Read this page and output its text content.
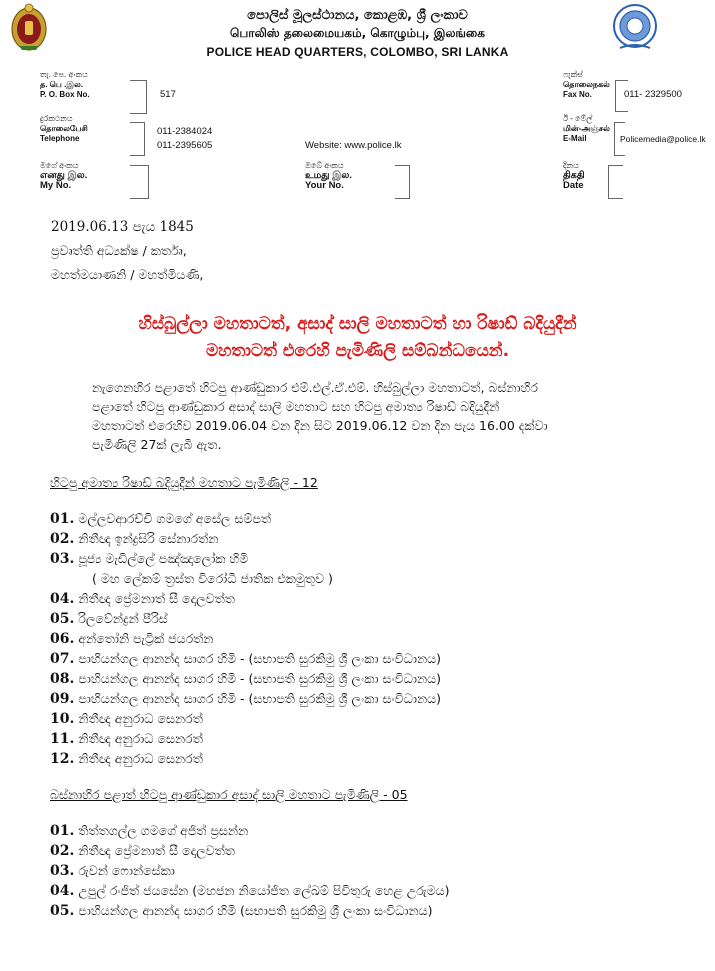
පොලිස් මූලස්ථානය, කොළඹ, ශ්‍රී ලංකාව
பொலிஸ் தலைமையகம், கொழும்பு, இலங்கை
POLICE HEAD QUARTERS, COLOMBO, SRI LANKA
තැ. පෙ. අංකය
த. பெ .இல.
P. O. Box No.	517
ෆැක්ස්
தொலைநகல்
Fax No.	011- 2329500
දුරකථනය
தொலைபேசி
Telephone
011-2384024
011-2395605	Website: www.police.lk
ඊ - මේල්
மின்-அஞ்சல்
E-Mail	Policemedia@police.lk
මගේ අංකය
எனது இல.
My No.
ඔබේ අංකය
உமது இல.
Your No.
දිනය
திகதி
Date
2019.06.13 පැය 1845
ප්‍රවෘත්ති අධ්‍යක්ෂ / කර්තෘ,
මහත්මයාණනි / මහත්මියණි,
හිස්බුල්ලා මහතාටත්, අසාද් සාලි මහතාටත් හා රිෂාඩ් බදියුදීන්
මහතාටත් එරෙහි පැමිණිලි සම්බන්ධයෙන්.
නැගෙනහිර පළාතේ හිටපු ආණ්ඩුකාර එම්.එල්.ඒ.එම්. හිස්බුල්ලා මහතාටත්, බස්නාහිර
පළාතේ හිටපු ආණ්ඩුකාර අසාද් සාලි මහතාට සහ හිටපු අමාත්‍ය රිෂාඩ් බදියුදීන්
මහතාටත් එරෙහිව 2019.06.04 වන දින සිට 2019.06.12 වන දින පැය 16.00 දක්වා
පැමිණිලි 27ක් ලැබී ඇත.
හිටපු අමාත්‍ය රිෂාඩ් බදියුදීන් මහතාට පැමිණිලි - 12
01. මල්ලවආරච්චි ගමගේ අසේල සම්පත්
02. නිතීඥ ඉන්ද්‍රසිරි සේනාරත්න
03. පූජ්‍ය මැඩිල්ලේ පඤ්ඤාලෝක හිමි
( මහ ලේකම් ත්‍රස්ත විරෝධී ජාතික එකමුතුව )
04. නිතීඥ ප්‍රේමනාත් සී දොලවත්ත
05. රිලවේන්ද්‍රන් පීරිස්
06. අන්තෝනි පැට්‍රික් ජයරත්න
07. පාහියන්ගල ආනන්ද සාගර හිමි - (සභාපති සුරකිමු ශ්‍රී ලංකා සංවිධානය)
08. පාහියන්ගල ආනන්ද සාගර හිමි - (සභාපති සුරකිමු ශ්‍රී ලංකා සංවිධානය)
09. පාහියන්ගල ආනන්ද සාගර හිමි - (සභාපති සුරකිමු ශ්‍රී ලංකා සංවිධානය)
10. නිතීඥ අනුරාධ සෙනරත්
11. නිතීඥ අනුරාධ සෙනරත්
12. නිතීඥ අනුරාධ සෙනරත්
බස්නාහිර පළාත් හිටපු ආණ්ඩුකාර අසාද් සාලි මහතාට පැමිණිලි - 05
01. තිත්තගල්ල ගමගේ අජිත් ප්‍රසන්න
02. නිතීඥ ප්‍රේමනාත් සී දොලවත්ත
03. රුවන් ෆොන්සේකා
04. උපුල් රංජිත් ජයසේන (මහජන නියෝජිත ලේඛම් පිවිතුරු හෙළ උරුමය)
05. පාහියන්ගල ආනන්ද සාගර හිමි (සභාපති සුරකිමු ශ්‍රී ලංකා සංවිධානය)
